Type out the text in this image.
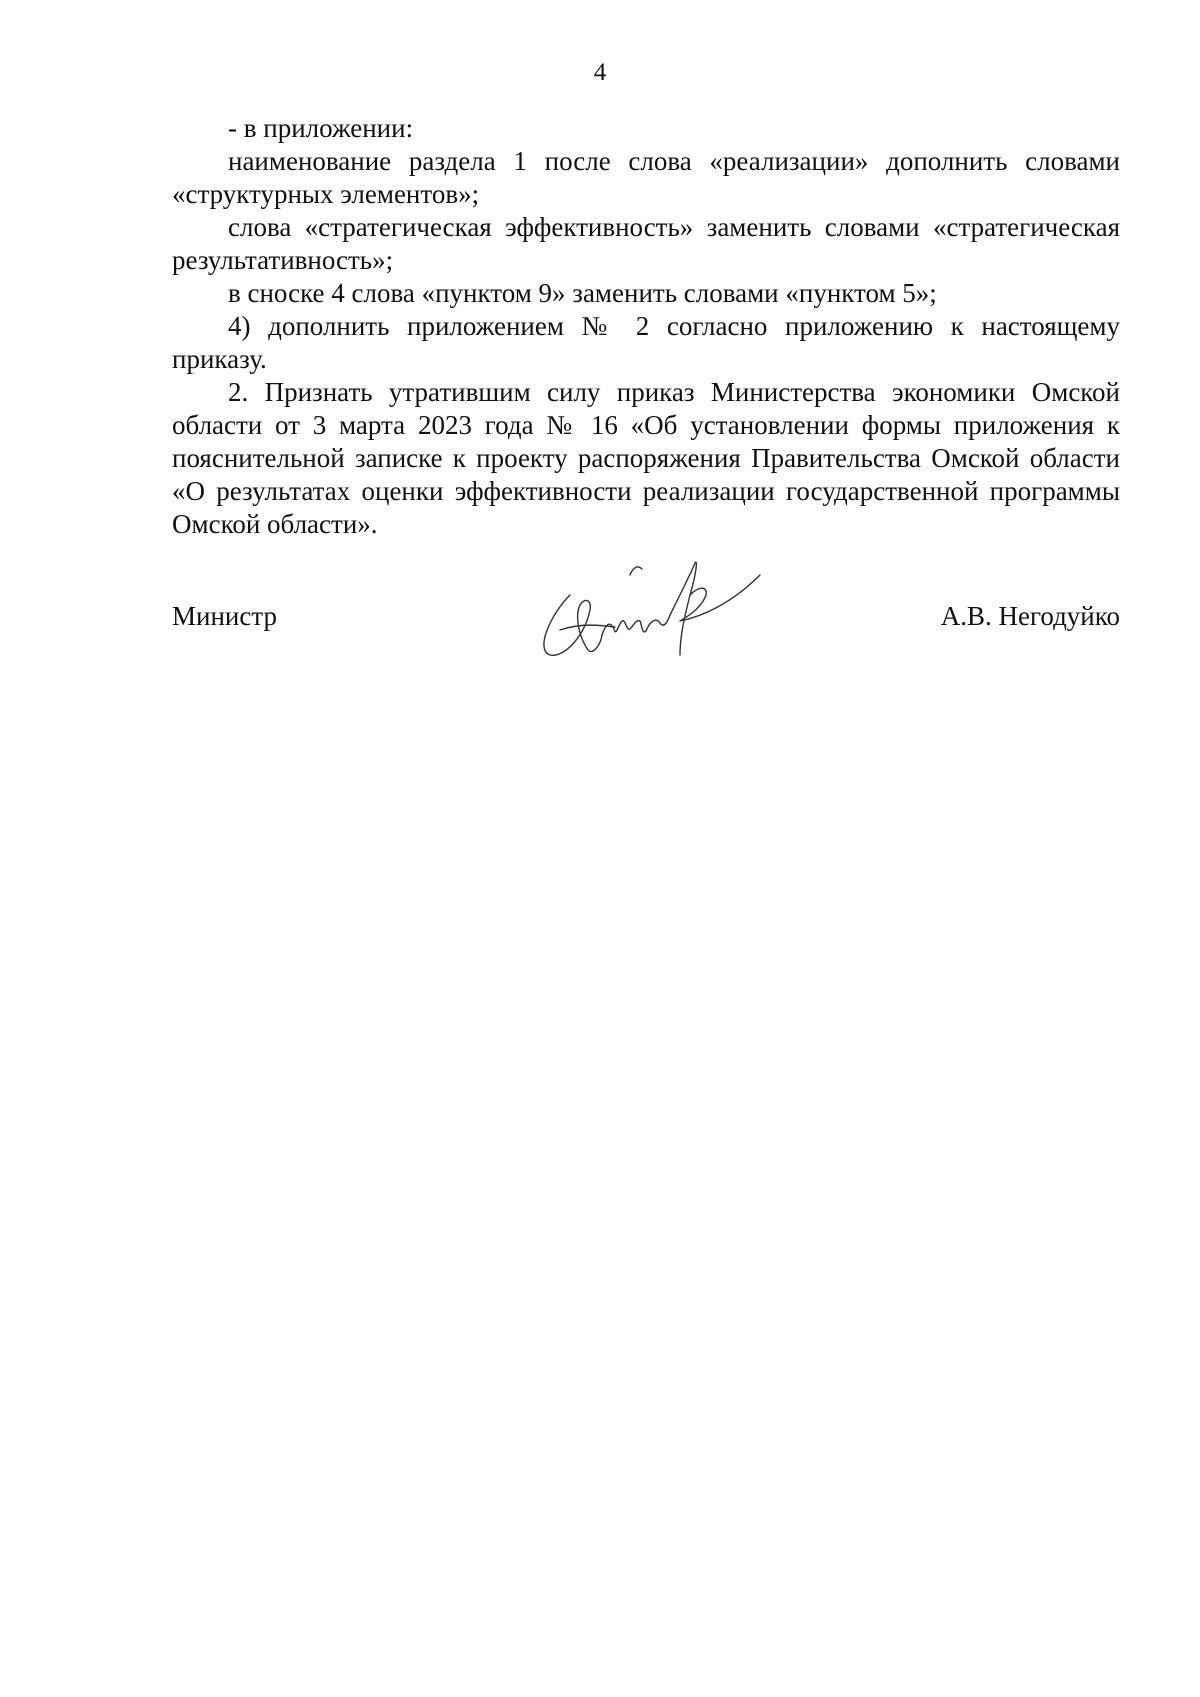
4

- в приложении:

наименование раздела 1 после слова «реализации» дополнить словами «структурных элементов»;

слова «стратегическая эффективность» заменить словами «стратегическая результативность»;

в сноске 4 слова «пунктом 9» заменить словами «пунктом 5»;

4) дополнить приложением № 2 согласно приложению к настоящему приказу.

2. Признать утратившим силу приказ Министерства экономики Омской области от 3 марта 2023 года № 16 «Об установлении формы приложения к пояснительной записке к проекту распоряжения Правительства Омской области «О результатах оценки эффективности реализации государственной программы Омской области».

Министр	А.В. Негодуйко
